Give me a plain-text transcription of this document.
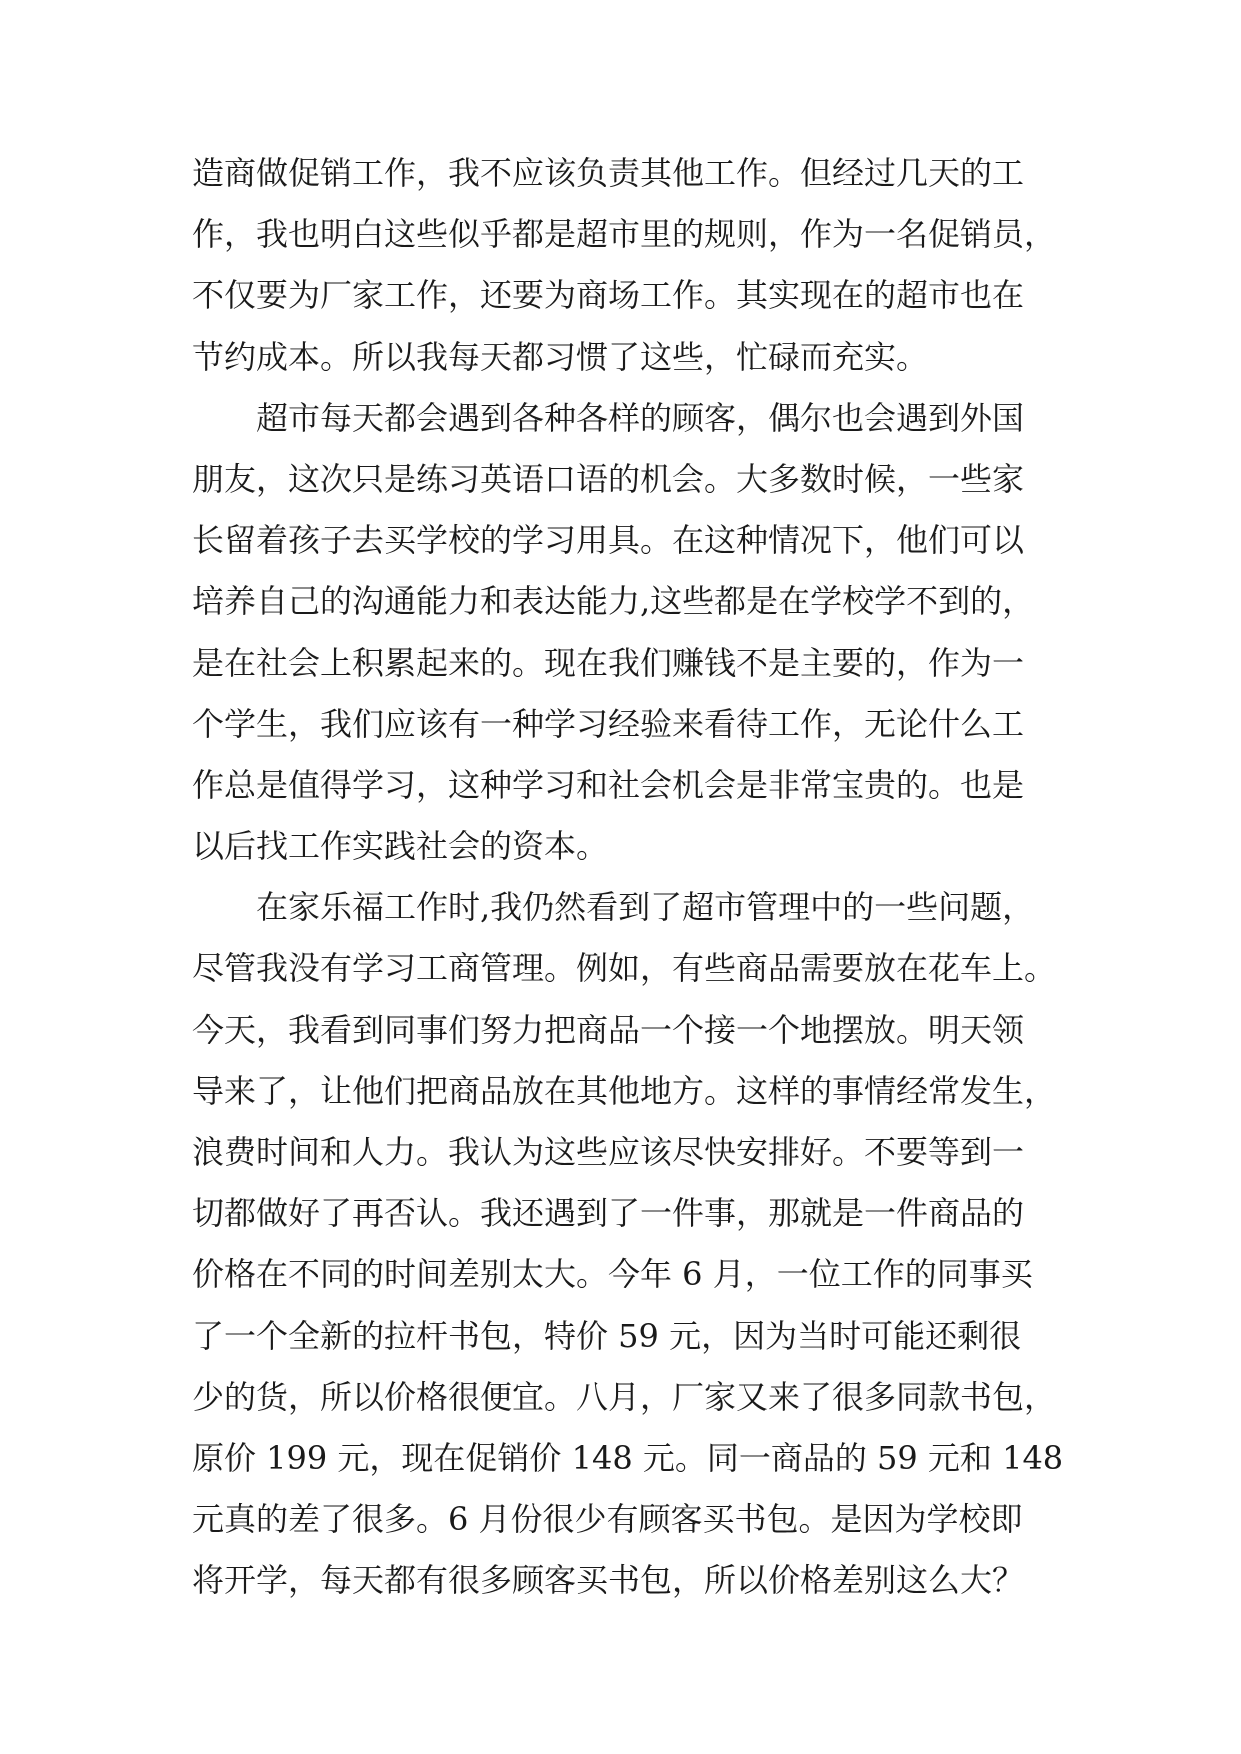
造商做促销工作，我不应该负责其他工作。但经过几天的工
作，我也明白这些似乎都是超市里的规则，作为一名促销员，
不仅要为厂家工作，还要为商场工作。其实现在的超市也在
节约成本。所以我每天都习惯了这些，忙碌而充实。
超市每天都会遇到各种各样的顾客，偶尔也会遇到外国
朋友，这次只是练习英语口语的机会。大多数时候，一些家
长留着孩子去买学校的学习用具。在这种情况下，他们可以
培养自己的沟通能力和表达能力,这些都是在学校学不到的，
是在社会上积累起来的。现在我们赚钱不是主要的，作为一
个学生，我们应该有一种学习经验来看待工作，无论什么工
作总是值得学习，这种学习和社会机会是非常宝贵的。也是
以后找工作实践社会的资本。
在家乐福工作时,我仍然看到了超市管理中的一些问题，
尽管我没有学习工商管理。例如，有些商品需要放在花车上。
今天，我看到同事们努力把商品一个接一个地摆放。明天领
导来了，让他们把商品放在其他地方。这样的事情经常发生，
浪费时间和人力。我认为这些应该尽快安排好。不要等到一
切都做好了再否认。我还遇到了一件事，那就是一件商品的
价格在不同的时间差别太大。今年 6 月，一位工作的同事买
了一个全新的拉杆书包，特价 59 元，因为当时可能还剩很
少的货，所以价格很便宜。八月，厂家又来了很多同款书包，
原价 199 元，现在促销价 148 元。同一商品的 59 元和 148
元真的差了很多。6 月份很少有顾客买书包。是因为学校即
将开学，每天都有很多顾客买书包，所以价格差别这么大？
